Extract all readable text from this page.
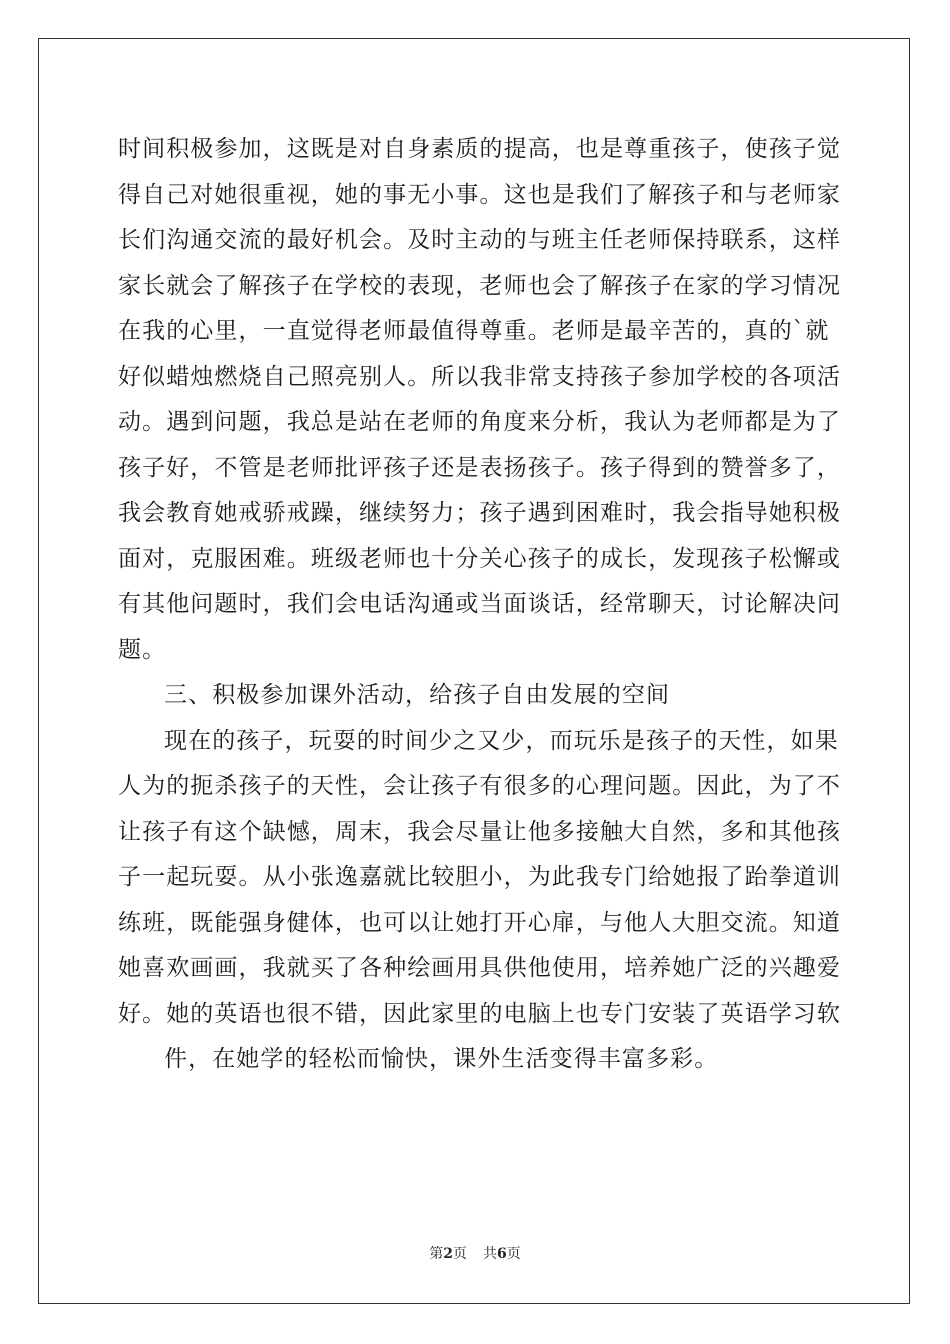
时间积极参加，这既是对自身素质的提高，也是尊重孩子，使孩子觉
得自己对她很重视，她的事无小事。这也是我们了解孩子和与老师家
长们沟通交流的最好机会。及时主动的与班主任老师保持联系，这样
家长就会了解孩子在学校的表现，老师也会了解孩子在家的学习情况
在我的心里，一直觉得老师最值得尊重。老师是最辛苦的，真的`就
好似蜡烛燃烧自己照亮别人。所以我非常支持孩子参加学校的各项活
动。遇到问题，我总是站在老师的角度来分析，我认为老师都是为了
孩子好，不管是老师批评孩子还是表扬孩子。孩子得到的赞誉多了，
我会教育她戒骄戒躁，继续努力；孩子遇到困难时，我会指导她积极
面对，克服困难。班级老师也十分关心孩子的成长，发现孩子松懈或
有其他问题时，我们会电话沟通或当面谈话，经常聊天，讨论解决问
题。
三、积极参加课外活动，给孩子自由发展的空间
现在的孩子，玩耍的时间少之又少，而玩乐是孩子的天性，如果
人为的扼杀孩子的天性，会让孩子有很多的心理问题。因此，为了不
让孩子有这个缺憾，周末，我会尽量让他多接触大自然，多和其他孩
子一起玩耍。从小张逸嘉就比较胆小，为此我专门给她报了跆拳道训
练班，既能强身健体，也可以让她打开心扉，与他人大胆交流。知道
她喜欢画画，我就买了各种绘画用具供他使用，培养她广泛的兴趣爱
好。她的英语也很不错，因此家里的电脑上也专门安装了英语学习软
件，在她学的轻松而愉快，课外生活变得丰富多彩。
第2页 共6页
